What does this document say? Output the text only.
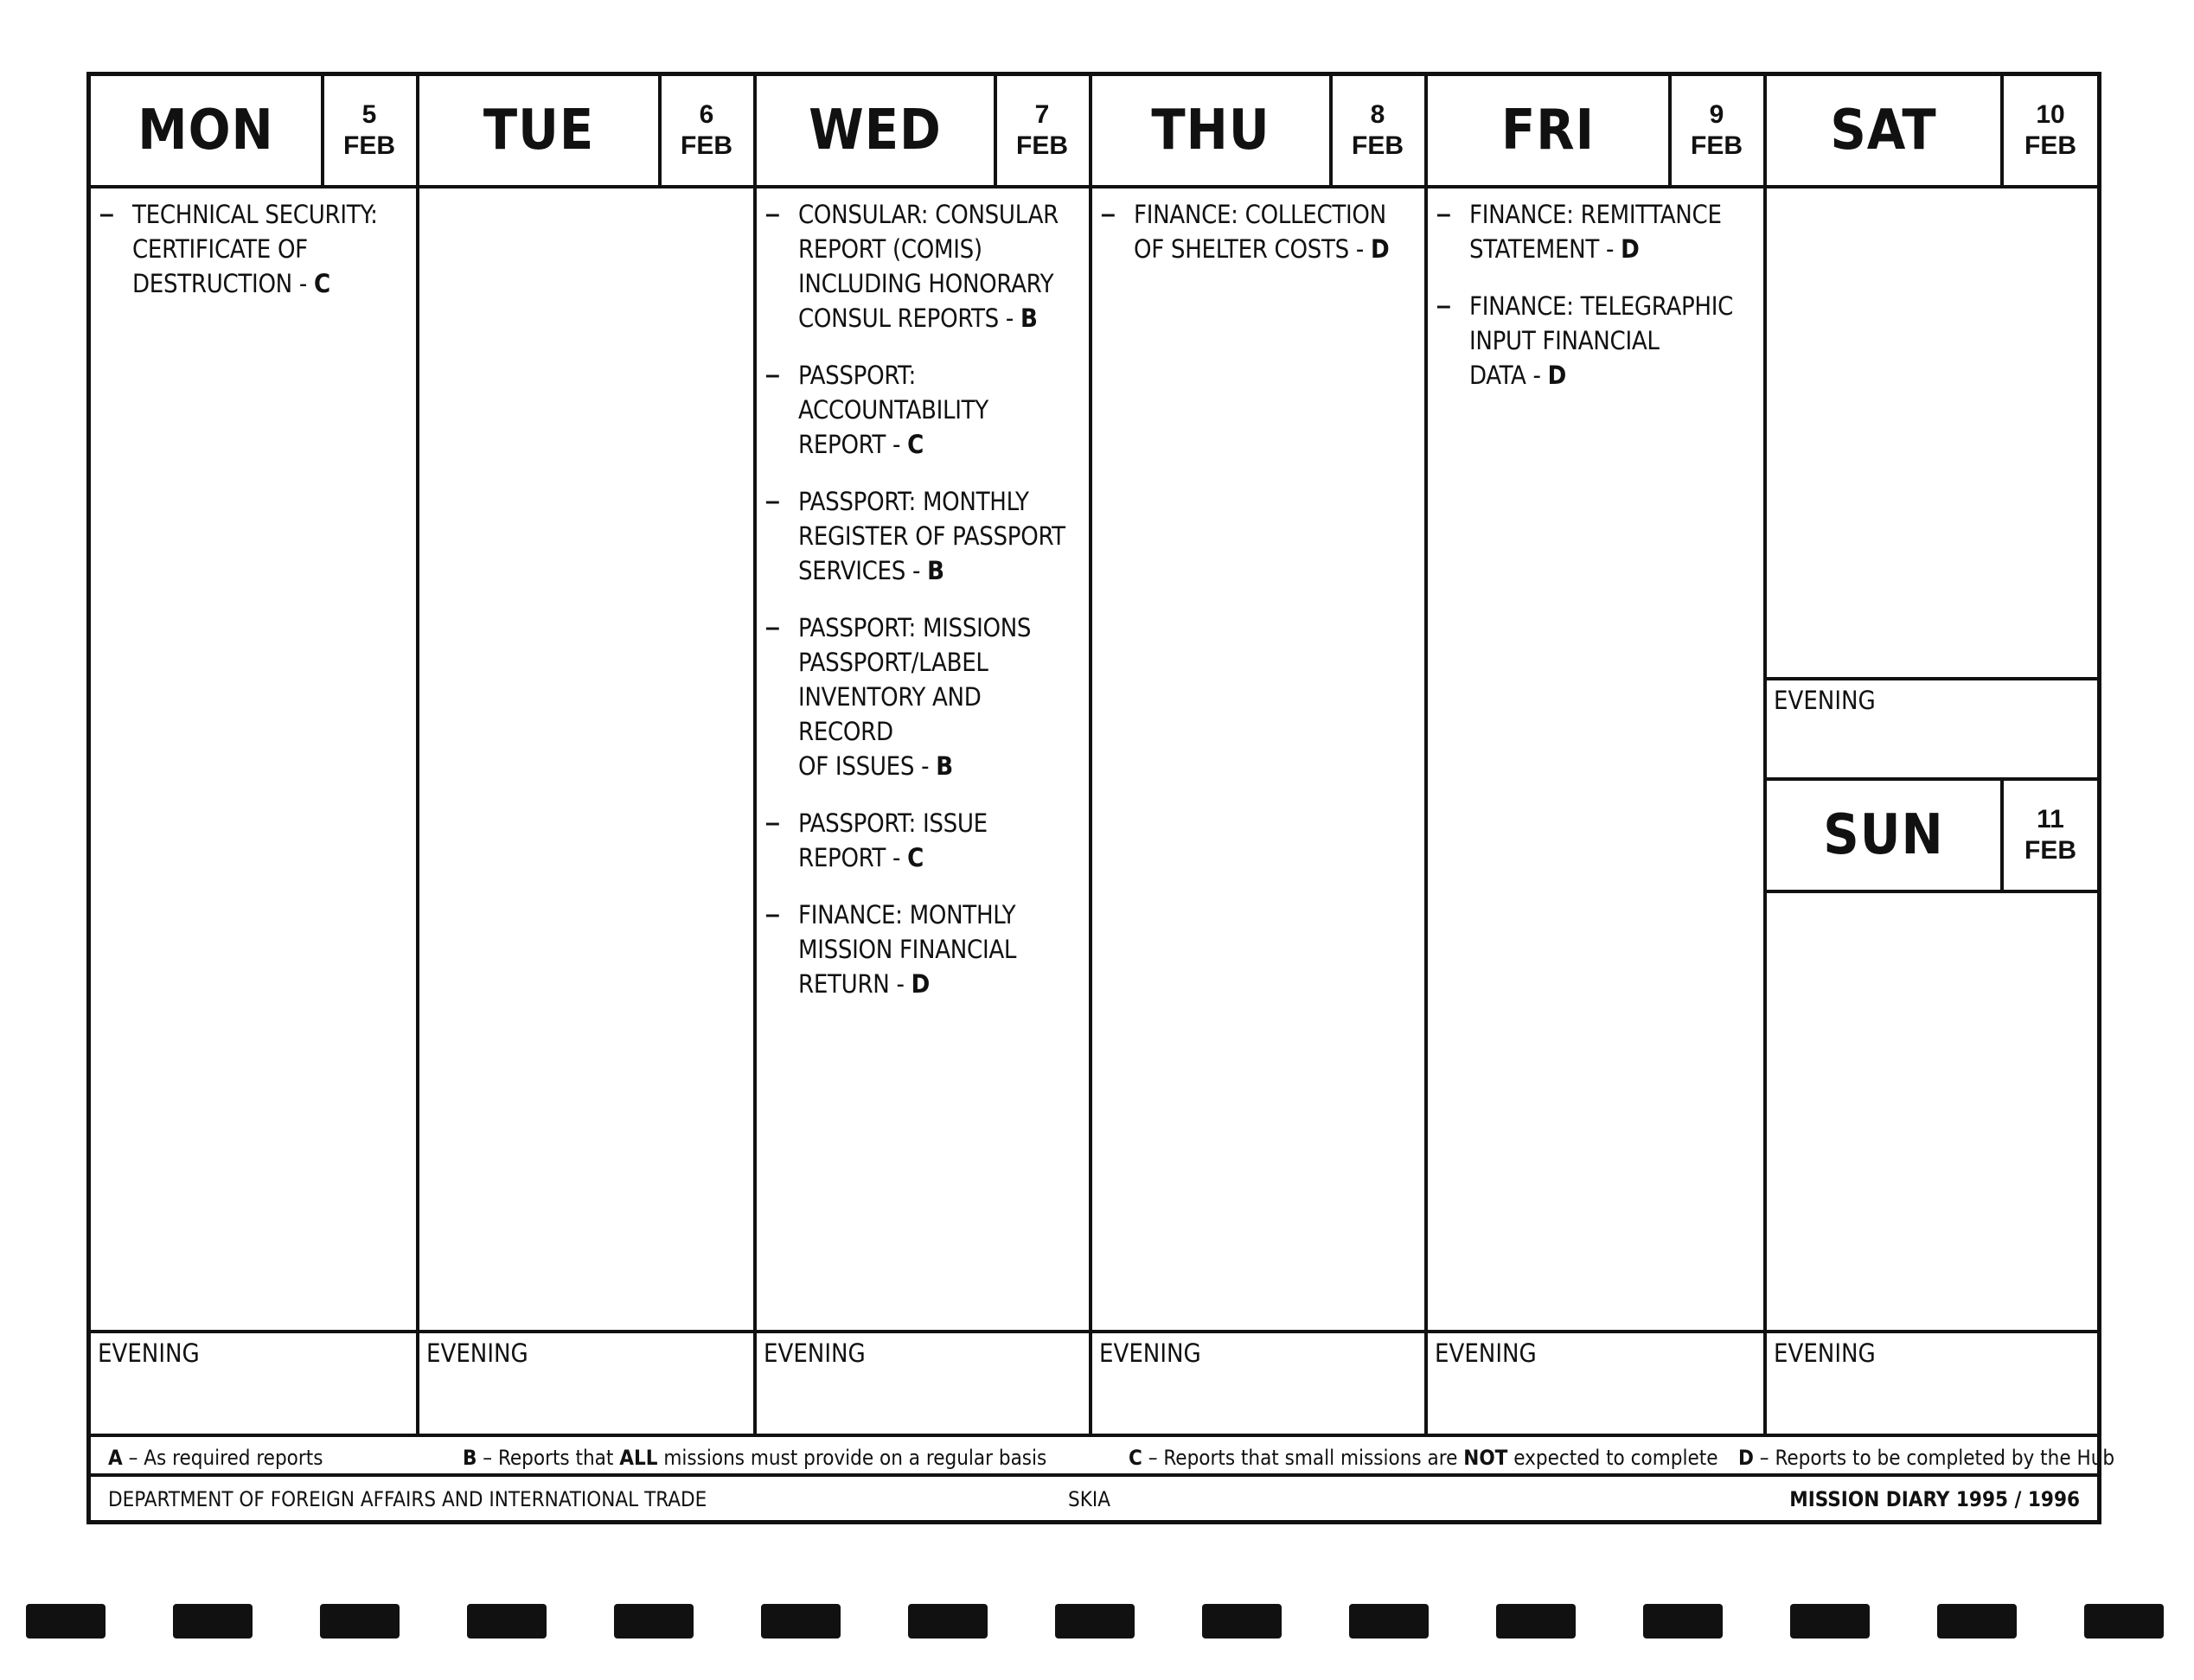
MON	5
FEB
– TECHNICAL SECURITY:
CERTIFICATE OF
DESTRUCTION - C
EVENING
TUE	6
FEB
EVENING
WED	7
FEB
– CONSULAR: CONSULAR
REPORT (COMIS)
INCLUDING HONORARY
CONSUL REPORTS - B
– PASSPORT:
ACCOUNTABILITY
REPORT - C
– PASSPORT: MONTHLY
REGISTER OF PASSPORT
SERVICES - B
– PASSPORT: MISSIONS
PASSPORT/LABEL
INVENTORY AND RECORD
OF ISSUES - B
– PASSPORT: ISSUE
REPORT - C
– FINANCE: MONTHLY
MISSION FINANCIAL
RETURN - D
EVENING
THU	8
FEB
– FINANCE: COLLECTION
OF SHELTER COSTS - D
EVENING
FRI	9
FEB
– FINANCE: REMITTANCE
STATEMENT - D
– FINANCE: TELEGRAPHIC
INPUT FINANCIAL
DATA - D
EVENING
SAT	10
FEB
EVENING
SUN	11
FEB
EVENING
A – As required reports	B – Reports that ALL missions must provide on a regular basis	C – Reports that small missions are NOT expected to complete D – Reports to be completed by the Hub
DEPARTMENT OF FOREIGN AFFAIRS AND INTERNATIONAL TRADE	SKIA	MISSION DIARY 1995 / 1996
